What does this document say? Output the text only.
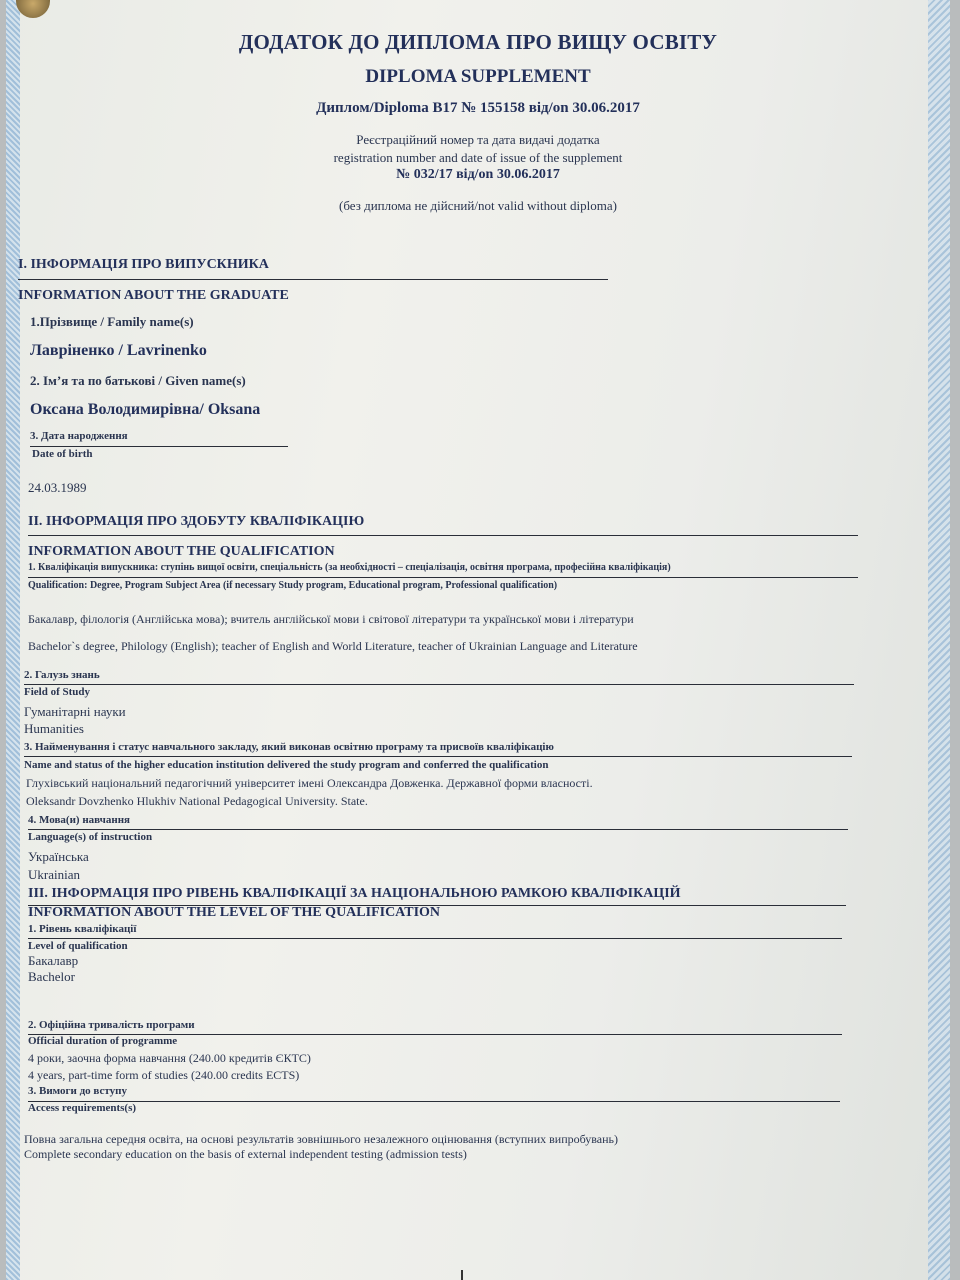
ДОДАТОК ДО ДИПЛОМА ПРО ВИЩУ ОСВІТУ
DIPLOMA SUPPLEMENT
Диплом/Diploma В17 № 155158 від/on 30.06.2017
Реєстраційний номер та дата видачі додатка
registration number and date of issue of the supplement
№ 032/17 від/on 30.06.2017
(без диплома не дійсний/not valid without diploma)
I. ІНФОРМАЦІЯ ПРО ВИПУСКНИКА
INFORMATION ABOUT THE GRADUATE
1.Прізвище / Family name(s)
Лавріненко / Lavrinenko
2. Ім’я та по батькові / Given name(s)
Оксана Володимирівна/ Oksana
3. Дата народження
Date of birth
24.03.1989
II. ІНФОРМАЦІЯ ПРО ЗДОБУТУ КВАЛІФІКАЦІЮ
INFORMATION ABOUT THE QUALIFICATION
1. Кваліфікація випускника: ступінь вищої освіти, спеціальність (за необхідності – спеціалізація, освітня програма, професійна кваліфікація)
Qualification: Degree, Program Subject Area (if necessary Study program, Educational program, Professional qualification)
Бакалавр, філологія (Англійська мова); вчитель англійської мови і світової літератури та української мови і літератури
Bachelor`s degree, Philology (English); teacher of English and World Literature, teacher of Ukrainian Language and Literature
2. Галузь знань
Field of Study
Гуманітарні науки
Humanities
3. Найменування і статус навчального закладу, який виконав освітню програму та присвоїв кваліфікацію
Name and status of the higher education institution delivered the study program and conferred the qualification
Глухівський національний педагогічний університет імені Олександра Довженка. Державної форми власності.
Oleksandr Dovzhenko Hlukhiv National Pedagogical University. State.
4. Мова(и) навчання
Language(s) of instruction
Українська
Ukrainian
III. ІНФОРМАЦІЯ ПРО РІВЕНЬ КВАЛІФІКАЦІЇ ЗА НАЦІОНАЛЬНОЮ РАМКОЮ КВАЛІФІКАЦІЙ
INFORMATION ABOUT THE LEVEL OF THE QUALIFICATION
1. Рівень кваліфікації
Level of qualification
Бакалавр
Bachelor
2. Офіційна тривалість програми
Official duration of programme
4 роки, заочна форма навчання (240.00 кредитів ЄКТС)
4 years, part-time form of studies (240.00 credits ECTS)
3. Вимоги до вступу
Access requirements(s)
Повна загальна середня освіта, на основі результатів зовнішнього незалежного оцінювання (вступних випробувань)
Complete secondary education on the basis of external independent testing (admission tests)
